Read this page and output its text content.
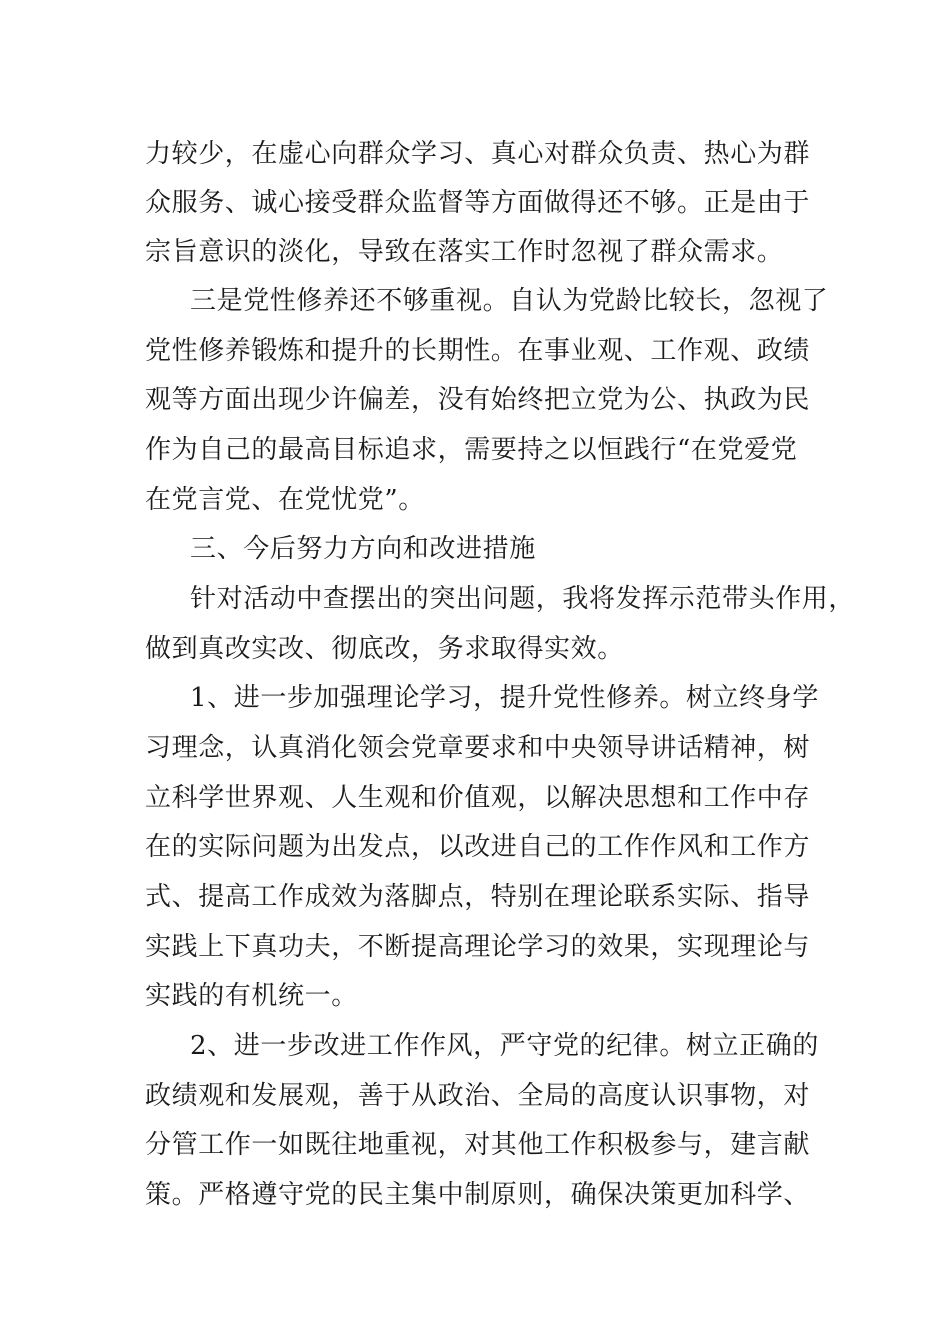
力较少，在虚心向群众学习、真心对群众负责、热心为群
众服务、诚心接受群众监督等方面做得还不够。正是由于
宗旨意识的淡化，导致在落实工作时忽视了群众需求。
三是党性修养还不够重视。自认为党龄比较长，忽视了
党性修养锻炼和提升的长期性。在事业观、工作观、政绩
观等方面出现少许偏差，没有始终把立党为公、执政为民
作为自己的最高目标追求，需要持之以恒践行“在党爱党
在党言党、在党忧党”。
三、今后努力方向和改进措施
针对活动中查摆出的突出问题，我将发挥示范带头作用，
做到真改实改、彻底改，务求取得实效。
1、进一步加强理论学习，提升党性修养。树立终身学
习理念，认真消化领会党章要求和中央领导讲话精神，树
立科学世界观、人生观和价值观，以解决思想和工作中存
在的实际问题为出发点，以改进自己的工作作风和工作方
式、提高工作成效为落脚点，特别在理论联系实际、指导
实践上下真功夫，不断提高理论学习的效果，实现理论与
实践的有机统一。
2、进一步改进工作作风，严守党的纪律。树立正确的
政绩观和发展观，善于从政治、全局的高度认识事物，对
分管工作一如既往地重视，对其他工作积极参与，建言献
策。严格遵守党的民主集中制原则，确保决策更加科学、
